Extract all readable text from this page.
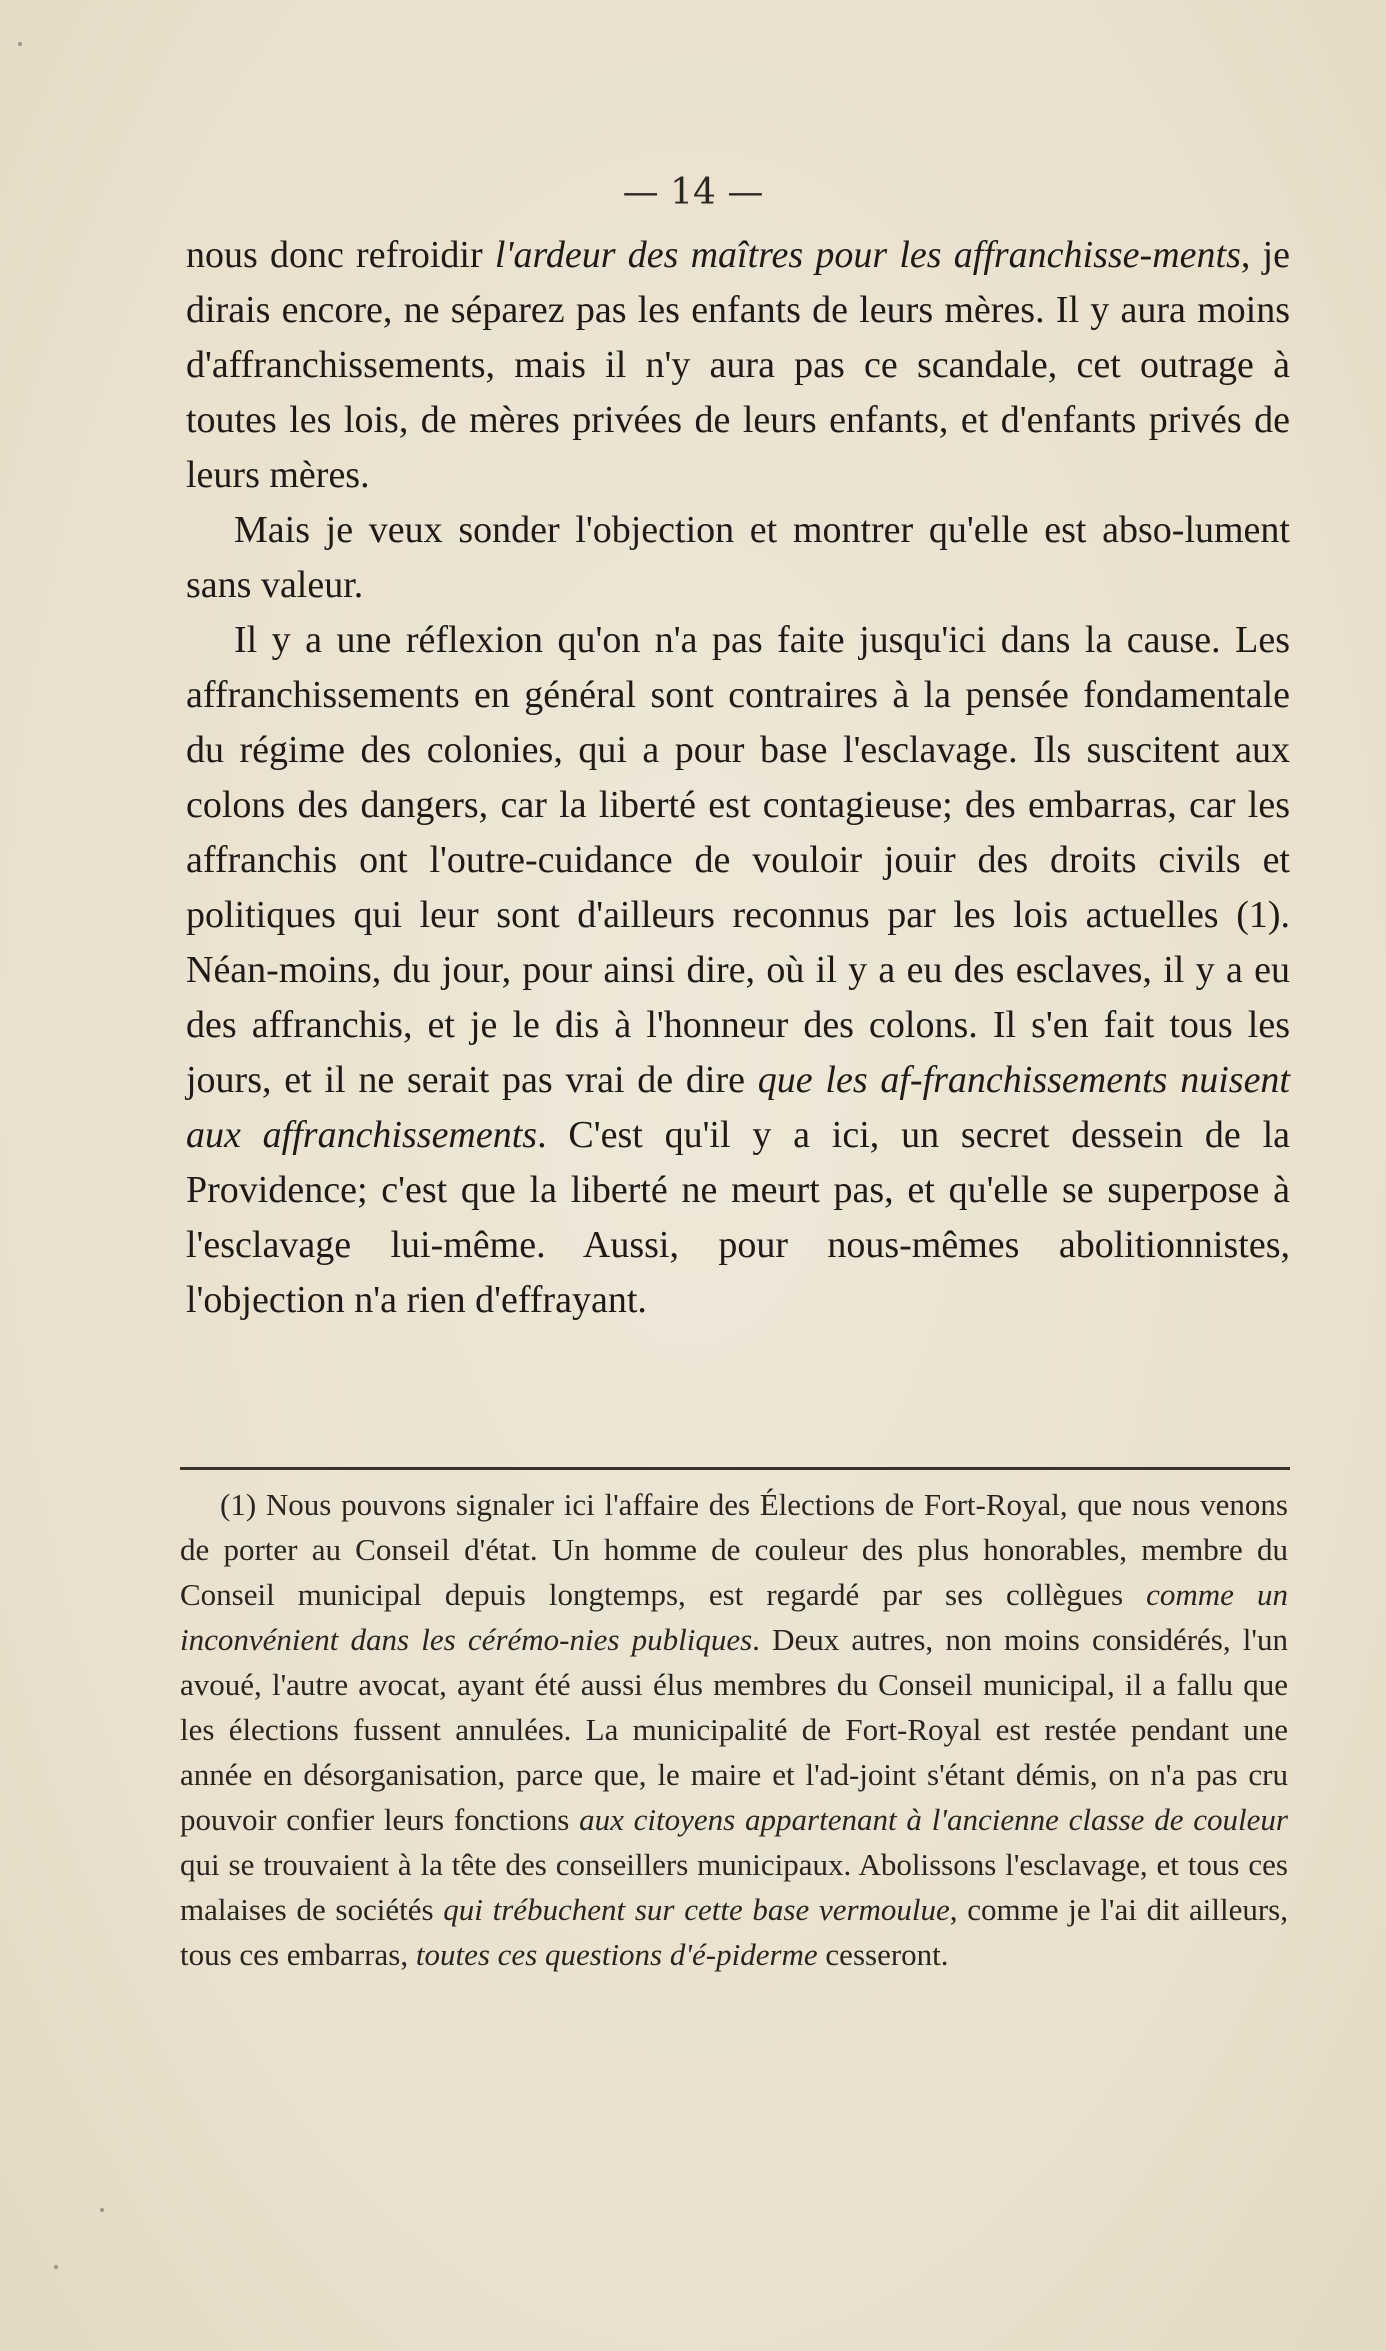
— 14 —

nous donc refroidir l'ardeur des maîtres pour les affranchisse-ments, je dirais encore, ne séparez pas les enfants de leurs mères. Il y aura moins d'affranchissements, mais il n'y aura pas ce scandale, cet outrage à toutes les lois, de mères privées de leurs enfants, et d'enfants privés de leurs mères.

Mais je veux sonder l'objection et montrer qu'elle est abso-lument sans valeur.

Il y a une réflexion qu'on n'a pas faite jusqu'ici dans la cause. Les affranchissements en général sont contraires à la pensée fondamentale du régime des colonies, qui a pour base l'esclavage. Ils suscitent aux colons des dangers, car la liberté est contagieuse; des embarras, car les affranchis ont l'outre-cuidance de vouloir jouir des droits civils et politiques qui leur sont d'ailleurs reconnus par les lois actuelles (1). Néan-moins, du jour, pour ainsi dire, où il y a eu des esclaves, il y a eu des affranchis, et je le dis à l'honneur des colons. Il s'en fait tous les jours, et il ne serait pas vrai de dire que les af-franchissements nuisent aux affranchissements. C'est qu'il y a ici, un secret dessein de la Providence; c'est que la liberté ne meurt pas, et qu'elle se superpose à l'esclavage lui-même. Aussi, pour nous-mêmes abolitionnistes, l'objection n'a rien d'effrayant.

(1) Nous pouvons signaler ici l'affaire des Élections de Fort-Royal, que nous venons de porter au Conseil d'état. Un homme de couleur des plus honorables, membre du Conseil municipal depuis longtemps, est regardé par ses collègues comme un inconvénient dans les cérémo-nies publiques. Deux autres, non moins considérés, l'un avoué, l'autre avocat, ayant été aussi élus membres du Conseil municipal, il a fallu que les élections fussent annulées. La municipalité de Fort-Royal est restée pendant une année en désorganisation, parce que, le maire et l'ad-joint s'étant démis, on n'a pas cru pouvoir confier leurs fonctions aux citoyens appartenant à l'ancienne classe de couleur qui se trouvaient à la tête des conseillers municipaux. Abolissons l'esclavage, et tous ces malaises de sociétés qui trébuchent sur cette base vermoulue, comme je l'ai dit ailleurs, tous ces embarras, toutes ces questions d'é-piderme cesseront.
